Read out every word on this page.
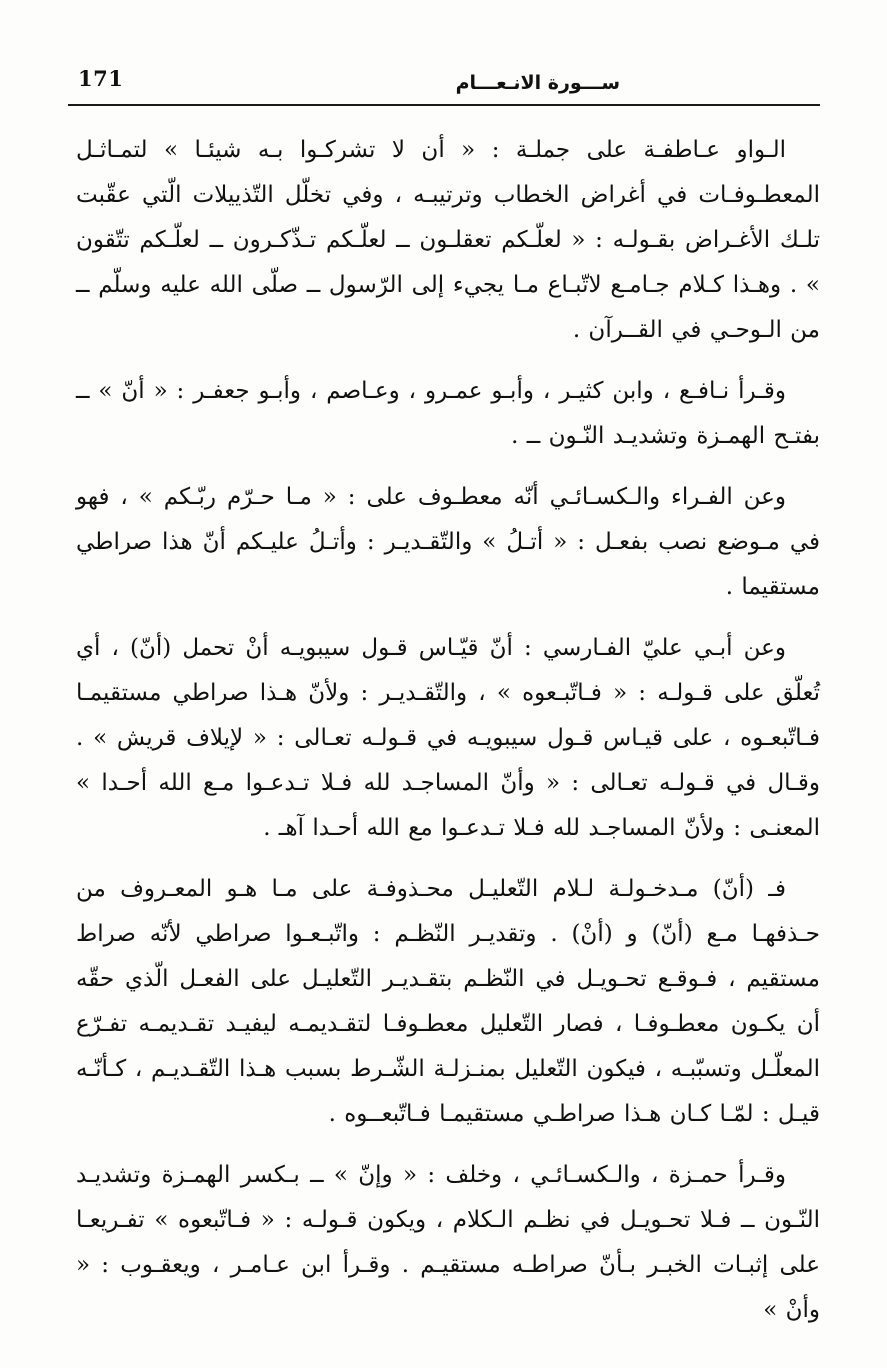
171	ســـورة الانـعـــام

الـواو عـاطفـة على جملـة : « أن لا تشركـوا بـه شيئـا » لتمـاثـل المعطـوفـات في أغراض الخطاب وترتيبـه ، وفي تخلّل التّذييلات الّتي عقّبت تلـك الأغـراض بقـولـه : « لعلّـكم تعقلـون ــ لعلّـكم تـذّكـرون ــ لعلّـكم تتّقون » . وهـذا كـلام جـامـع لاتّبـاع مـا يجيء إلى الرّسول ــ صلّى الله عليه وسلّم ــ من الـوحـي في القــرآن .

وقـرأ نـافـع ، وابن كثيـر ، وأبـو عمـرو ، وعـاصم ، وأبـو جعفـر : « أنّ » ــ بفتـح الهمـزة وتشديـد النّـون ــ .

وعن الفـراء والـكسـائـي أنّه معطـوف على : « مـا حـرّم ربّـكم » ، فهو في مـوضع نصب بفعـل : « أتـلُ » والتّقـديـر : وأتـلُ عليـكم أنّ هذا صراطي مستقيما .

وعن أبـي عليّ الفـارسي : أنّ قيّـاس قـول سيبويـه أنْ تحمل (أنّ) ، أي تُعلّق على قـولـه : « فـاتّبـعوه » ، والتّقـديـر : ولأنّ هـذا صراطي مستقيمـا فـاتّبعـوه ، على قيـاس قـول سيبويـه في قـولـه تعـالى : « لإيلاف قريش » . وقـال في قـولـه تعـالى : « وأنّ المساجـد لله فـلا تـدعـوا مـع الله أحـدا » المعنـى : ولأنّ المساجـد لله فـلا تـدعـوا مع الله أحـدا آهـ .

فـ (أنّ) مـدخـولـة لـلام التّعليـل محـذوفـة على مـا هـو المعـروف من حـذفهـا مـع (أنّ) و (أنْ) . وتقديـر النّظـم : واتّبـعـوا صراطي لأنّه صراط مستقيم ، فـوقـع تحـويـل في النّظـم بتقـديـر التّعليـل على الفعـل الّذي حقّه أن يكـون معطـوفـا ، فصار التّعليل معطـوفـا لتقـديمـه ليفيـد تقـديمـه تفـرّع المعلّـل وتسبّبـه ، فيكون التّعليل بمنـزلـة الشّـرط بسبب هـذا التّقـديـم ، كـأنّـه قيـل : لمّـا كـان هـذا صراطـي مستقيمـا فـاتّبعــوه .

وقـرأ حمـزة ، والـكسـائـي ، وخلف : « وإنّ » ــ بـكسر الهمـزة وتشديـد النّـون ــ فـلا تحـويـل في نظـم الـكلام ، ويكون قـولـه : « فـاتّبعوه » تفـريعـا على إثبـات الخبـر بـأنّ صراطـه مستقيـم . وقـرأ ابن عـامـر ، ويعقـوب : « وأنْ »
